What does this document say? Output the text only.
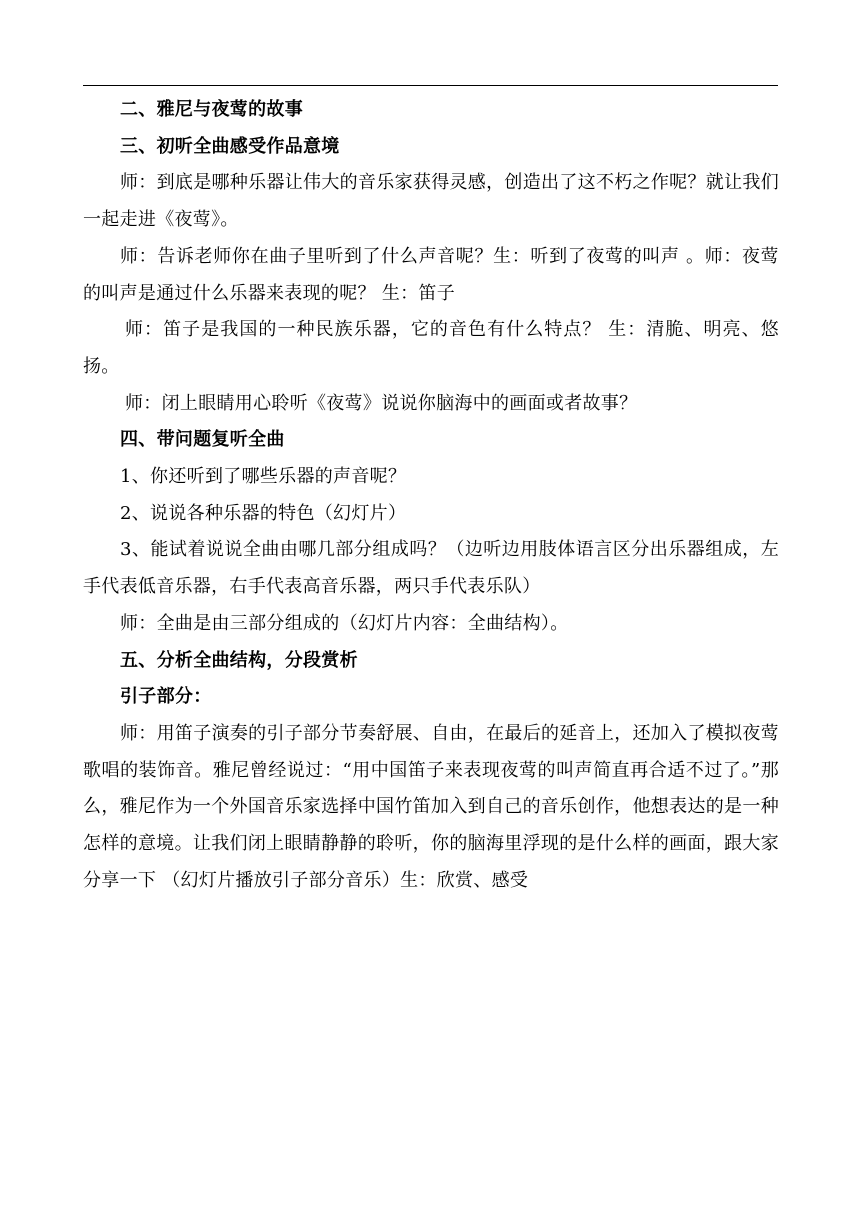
二、雅尼与夜莺的故事

三、初听全曲感受作品意境

师：到底是哪种乐器让伟大的音乐家获得灵感，创造出了这不朽之作呢？就让我们一起走进《夜莺》。

师：告诉老师你在曲子里听到了什么声音呢？生：听到了夜莺的叫声 。师：夜莺的叫声是通过什么乐器来表现的呢？ 生：笛子

师：笛子是我国的一种民族乐器，它的音色有什么特点？ 生：清脆、明亮、悠扬。

师：闭上眼睛用心聆听《夜莺》说说你脑海中的画面或者故事？

四、带问题复听全曲

1、你还听到了哪些乐器的声音呢？

2、说说各种乐器的特色（幻灯片）

3、能试着说说全曲由哪几部分组成吗？（边听边用肢体语言区分出乐器组成，左手代表低音乐器，右手代表高音乐器，两只手代表乐队）

师：全曲是由三部分组成的（幻灯片内容：全曲结构）。

五、分析全曲结构，分段赏析

引子部分：

师：用笛子演奏的引子部分节奏舒展、自由，在最后的延音上，还加入了模拟夜莺歌唱的装饰音。雅尼曾经说过：“用中国笛子来表现夜莺的叫声简直再合适不过了。”那么，雅尼作为一个外国音乐家选择中国竹笛加入到自己的音乐创作，他想表达的是一种怎样的意境。让我们闭上眼睛静静的聆听，你的脑海里浮现的是什么样的画面，跟大家分享一下 （幻灯片播放引子部分音乐）生：欣赏、感受
